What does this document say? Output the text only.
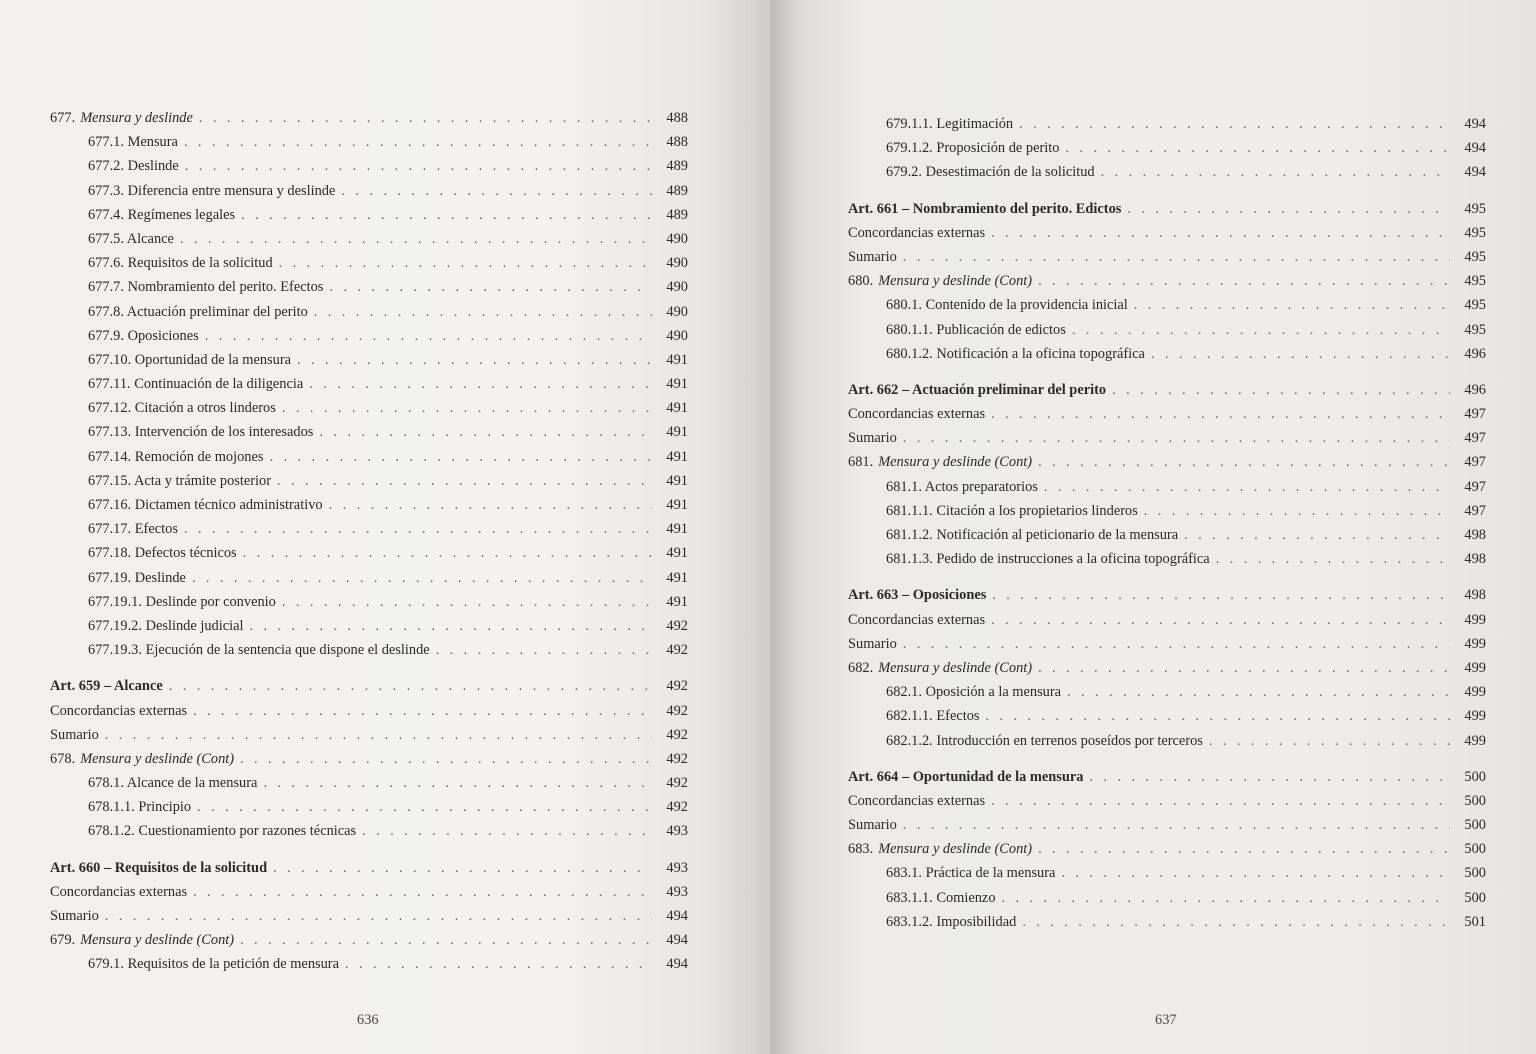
677. Mensura y deslinde . . .	488
677.1. Mensura . . .	488
677.2. Deslinde . . .	489
677.3. Diferencia entre mensura y deslinde . . .	489
677.4. Regímenes legales . . .	489
677.5. Alcance . . .	490
677.6. Requisitos de la solicitud . . .	490
677.7. Nombramiento del perito. Efectos . . .	490
677.8. Actuación preliminar del perito . . .	490
677.9. Oposiciones . . .	490
677.10. Oportunidad de la mensura . . .	491
677.11. Continuación de la diligencia . . .	491
677.12. Citación a otros linderos . . .	491
677.13. Intervención de los interesados . . .	491
677.14. Remoción de mojones . . .	491
677.15. Acta y trámite posterior . . .	491
677.16. Dictamen técnico administrativo . . .	491
677.17. Efectos . . .	491
677.18. Defectos técnicos . . .	491
677.19. Deslinde . . .	491
677.19.1. Deslinde por convenio . . .	491
677.19.2. Deslinde judicial . . .	492
677.19.3. Ejecución de la sentencia que dispone el deslinde . . .	492
Art. 659 – Alcance . . .	492
Concordancias externas . . .	492
Sumario . . .	492
678. Mensura y deslinde (Cont) . . .	492
678.1. Alcance de la mensura . . .	492
678.1.1. Principio . . .	492
678.1.2. Cuestionamiento por razones técnicas . . .	493
Art. 660 – Requisitos de la solicitud . . .	493
Concordancias externas . . .	493
Sumario . . .	494
679. Mensura y deslinde (Cont) . . .	494
679.1. Requisitos de la petición de mensura . . .	494
636
679.1.1. Legitimación . . .	494
679.1.2. Proposición de perito . . .	494
679.2. Desestimación de la solicitud . . .	494
Art. 661 – Nombramiento del perito. Edictos . . .	495
Concordancias externas . . .	495
Sumario . . .	495
680. Mensura y deslinde (Cont) . . .	495
680.1. Contenido de la providencia inicial . . .	495
680.1.1. Publicación de edictos . . .	495
680.1.2. Notificación a la oficina topográfica . . .	496
Art. 662 – Actuación preliminar del perito . . .	496
Concordancias externas . . .	497
Sumario . . .	497
681. Mensura y deslinde (Cont) . . .	497
681.1. Actos preparatorios . . .	497
681.1.1. Citación a los propietarios linderos . . .	497
681.1.2. Notificación al peticionario de la mensura . . .	498
681.1.3. Pedido de instrucciones a la oficina topográfica . . .	498
Art. 663 – Oposiciones . . .	498
Concordancias externas . . .	499
Sumario . . .	499
682. Mensura y deslinde (Cont) . . .	499
682.1. Oposición a la mensura . . .	499
682.1.1. Efectos . . .	499
682.1.2. Introducción en terrenos poseídos por terceros . . .	499
Art. 664 – Oportunidad de la mensura . . .	500
Concordancias externas . . .	500
Sumario . . .	500
683. Mensura y deslinde (Cont) . . .	500
683.1. Práctica de la mensura . . .	500
683.1.1. Comienzo . . .	500
683.1.2. Imposibilidad . . .	501
637
